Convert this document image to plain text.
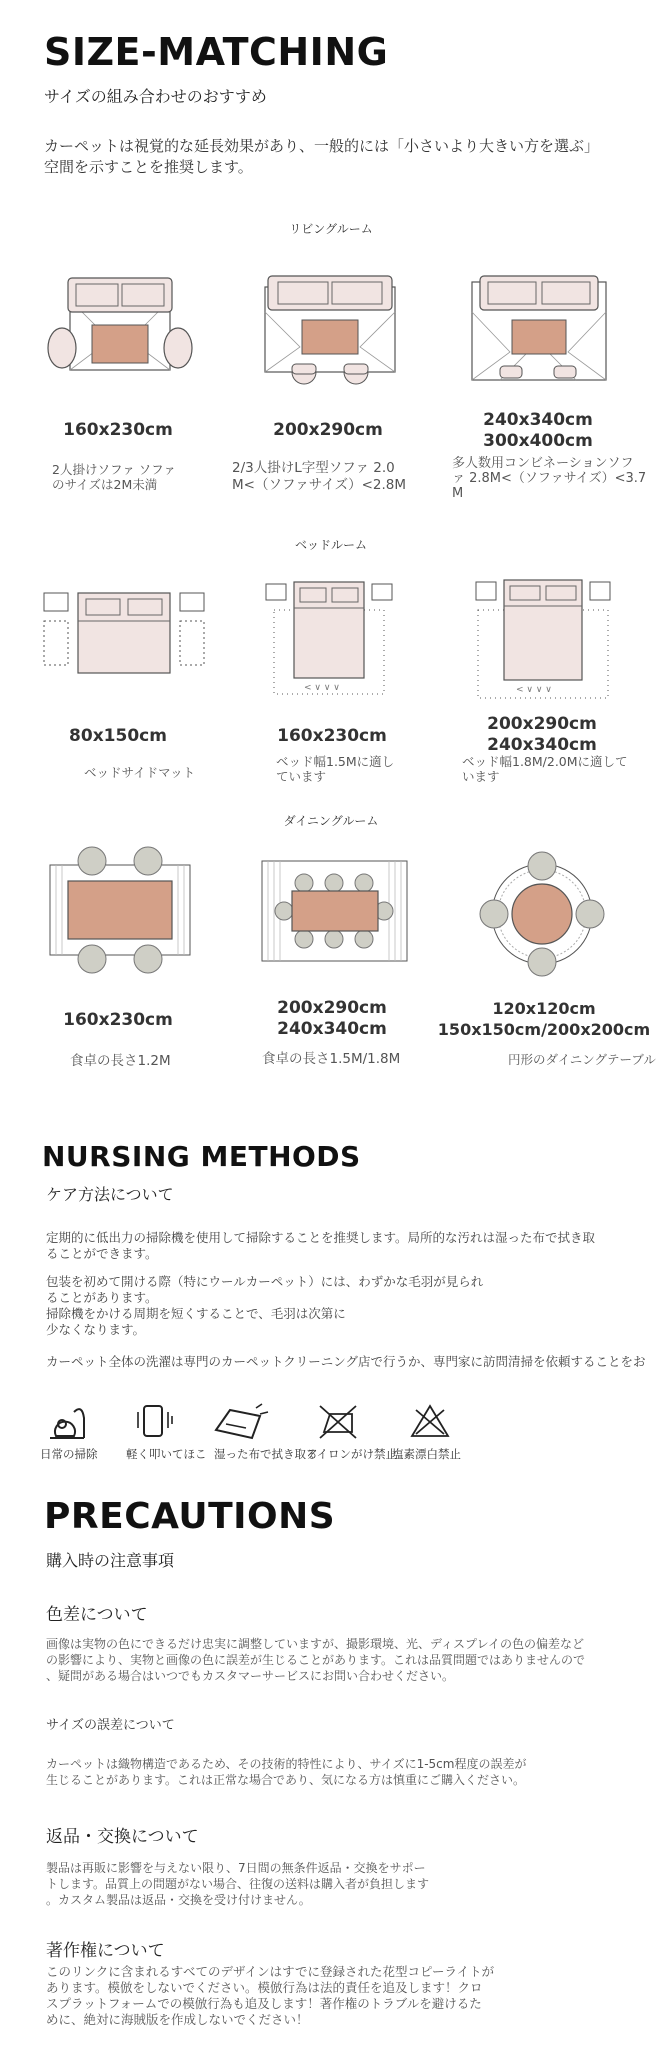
SIZE-MATCHING
サイズの組み合わせのおすすめ
カーペットは視覚的な延長効果があり、一般的には「小さいより大きい方を選ぶ」
空間を示すことを推奨します。
リビングルーム
160x230cm
2人掛けソファ ソファ
のサイズは2M未満
200x290cm
2/3人掛けL字型ソファ 2.0
M<（ソファサイズ）<2.8M
240x340cm
300x400cm
多人数用コンビネーションソフ
ァ 2.8M<（ソファサイズ）<3.7
M
ベッドルーム
80x150cm
ベッドサイドマット
< ∨ ∨ ∨
160x230cm
ベッド幅1.5Mに適し
ています
< ∨ ∨ ∨
200x290cm
240x340cm
ベッド幅1.8M/2.0Mに適して
います
ダイニングルーム
160x230cm
食卓の長さ1.2M
200x290cm
240x340cm
食卓の長さ1.5M/1.8M
120x120cm
150x150cm/200x200cm
円形のダイニングテーブル
NURSING METHODS
ケア方法について
定期的に低出力の掃除機を使用して掃除することを推奨します。局所的な汚れは湿った布で拭き取
ることができます。
包装を初めて開ける際（特にウールカーペット）には、わずかな毛羽が見られ
ることがあります。
掃除機をかける周期を短くすることで、毛羽は次第に
少なくなります。
カーペット全体の洗濯は専門のカーペットクリーニング店で行うか、専門家に訪問清掃を依頼することをお
日常の掃除 軽く叩いてほこ 湿った布で拭き取る
アイロンがけ禁止
塩素漂白禁止
PRECAUTIONS
購入時の注意事項
色差について
画像は実物の色にできるだけ忠実に調整していますが、撮影環境、光、ディスプレイの色の偏差など
の影響により、実物と画像の色に誤差が生じることがあります。これは品質問題ではありませんので
、疑問がある場合はいつでもカスタマーサービスにお問い合わせください。
サイズの誤差について
カーペットは織物構造であるため、その技術的特性により、サイズに1-5cm程度の誤差が
生じることがあります。これは正常な場合であり、気になる方は慎重にご購入ください。
返品・交換について
製品は再販に影響を与えない限り、7日間の無条件返品・交換をサポー
トします。品質上の問題がない場合、往復の送料は購入者が負担します
。カスタム製品は返品・交換を受け付けません。
著作権について
このリンクに含まれるすべてのデザインはすでに登録された花型コピーライトが
あります。模倣をしないでください。模倣行為は法的責任を追及します！クロ
スプラットフォームでの模倣行為も追及します！著作権のトラブルを避けるた
めに、絶対に海賊版を作成しないでください！
